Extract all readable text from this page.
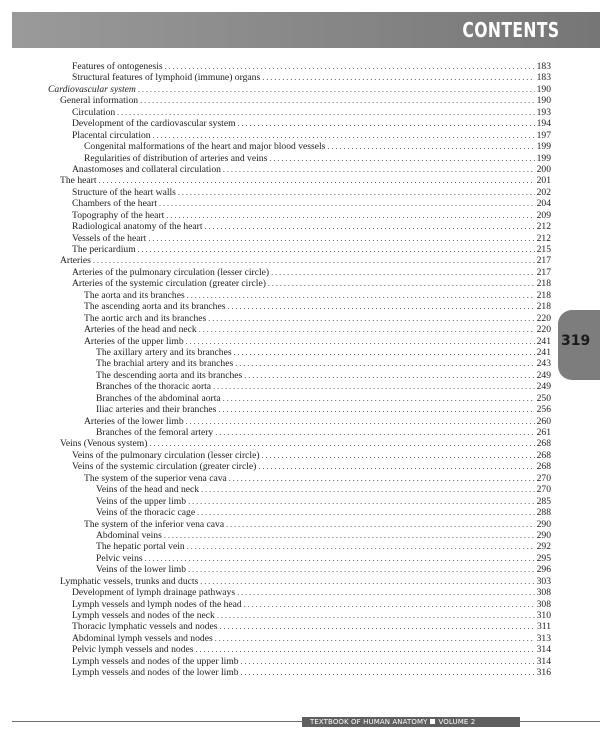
CONTENTS
Features of ontogenesis . . .	183
Structural features of lymphoid (immune) organs . . .	183
Cardiovascular system . . .	190
General information . . .	190
Circulation . . .	193
Development of the cardiovascular system . . .	194
Placental circulation . . .	197
Congenital malformations of the heart and major blood vessels . . .	199
Regularities of distribution of arteries and veins . . .	199
Anastomoses and collateral circulation . . .	200
The heart . . .	201
Structure of the heart walls . . .	202
Chambers of the heart . . .	204
Topography of the heart . . .	209
Radiological anatomy of the heart . . .	212
Vessels of the heart . . .	212
The pericardium . . .	215
Arteries . . .	217
Arteries of the pulmonary circulation (lesser circle) . . .	217
Arteries of the systemic circulation (greater circle) . . .	218
The aorta and its branches . . .	218
The ascending aorta and its branches . . .	218
The aortic arch and its branches . . .	220
Arteries of the head and neck . . .	220
Arteries of the upper limb . . .	241
The axillary artery and its branches . . .	241
The brachial artery and its branches . . .	243
The descending aorta and its branches . . .	249
Branches of the thoracic aorta . . .	249
Branches of the abdominal aorta . . .	250
Iliac arteries and their branches . . .	256
Arteries of the lower limb . . .	260
Branches of the femoral artery . . .	261
Veins (Venous system) . . .	268
Veins of the pulmonary circulation (lesser circle) . . .	268
Veins of the systemic circulation (greater circle) . . .	268
The system of the superior vena cava . . .	270
Veins of the head and neck . . .	270
Veins of the upper limb . . .	285
Veins of the thoracic cage . . .	288
The system of the inferior vena cava . . .	290
Abdominal veins . . .	290
The hepatic portal vein . . .	292
Pelvic veins . . .	295
Veins of the lower limb . . .	296
Lymphatic vessels, trunks and ducts . . .	303
Development of lymph drainage pathways . . .	308
Lymph vessels and lymph nodes of the head . . .	308
Lymph vessels and nodes of the neck . . .	310
Thoracic lymphatic vessels and nodes . . .	311
Abdominal lymph vessels and nodes . . .	313
Pelvic lymph vessels and nodes . . .	314
Lymph vessels and nodes of the upper limb . . .	314
Lymph vessels and nodes of the lower limb . . .	316
319
TEXTBOOK OF HUMAN ANATOMY VOLUME 2
